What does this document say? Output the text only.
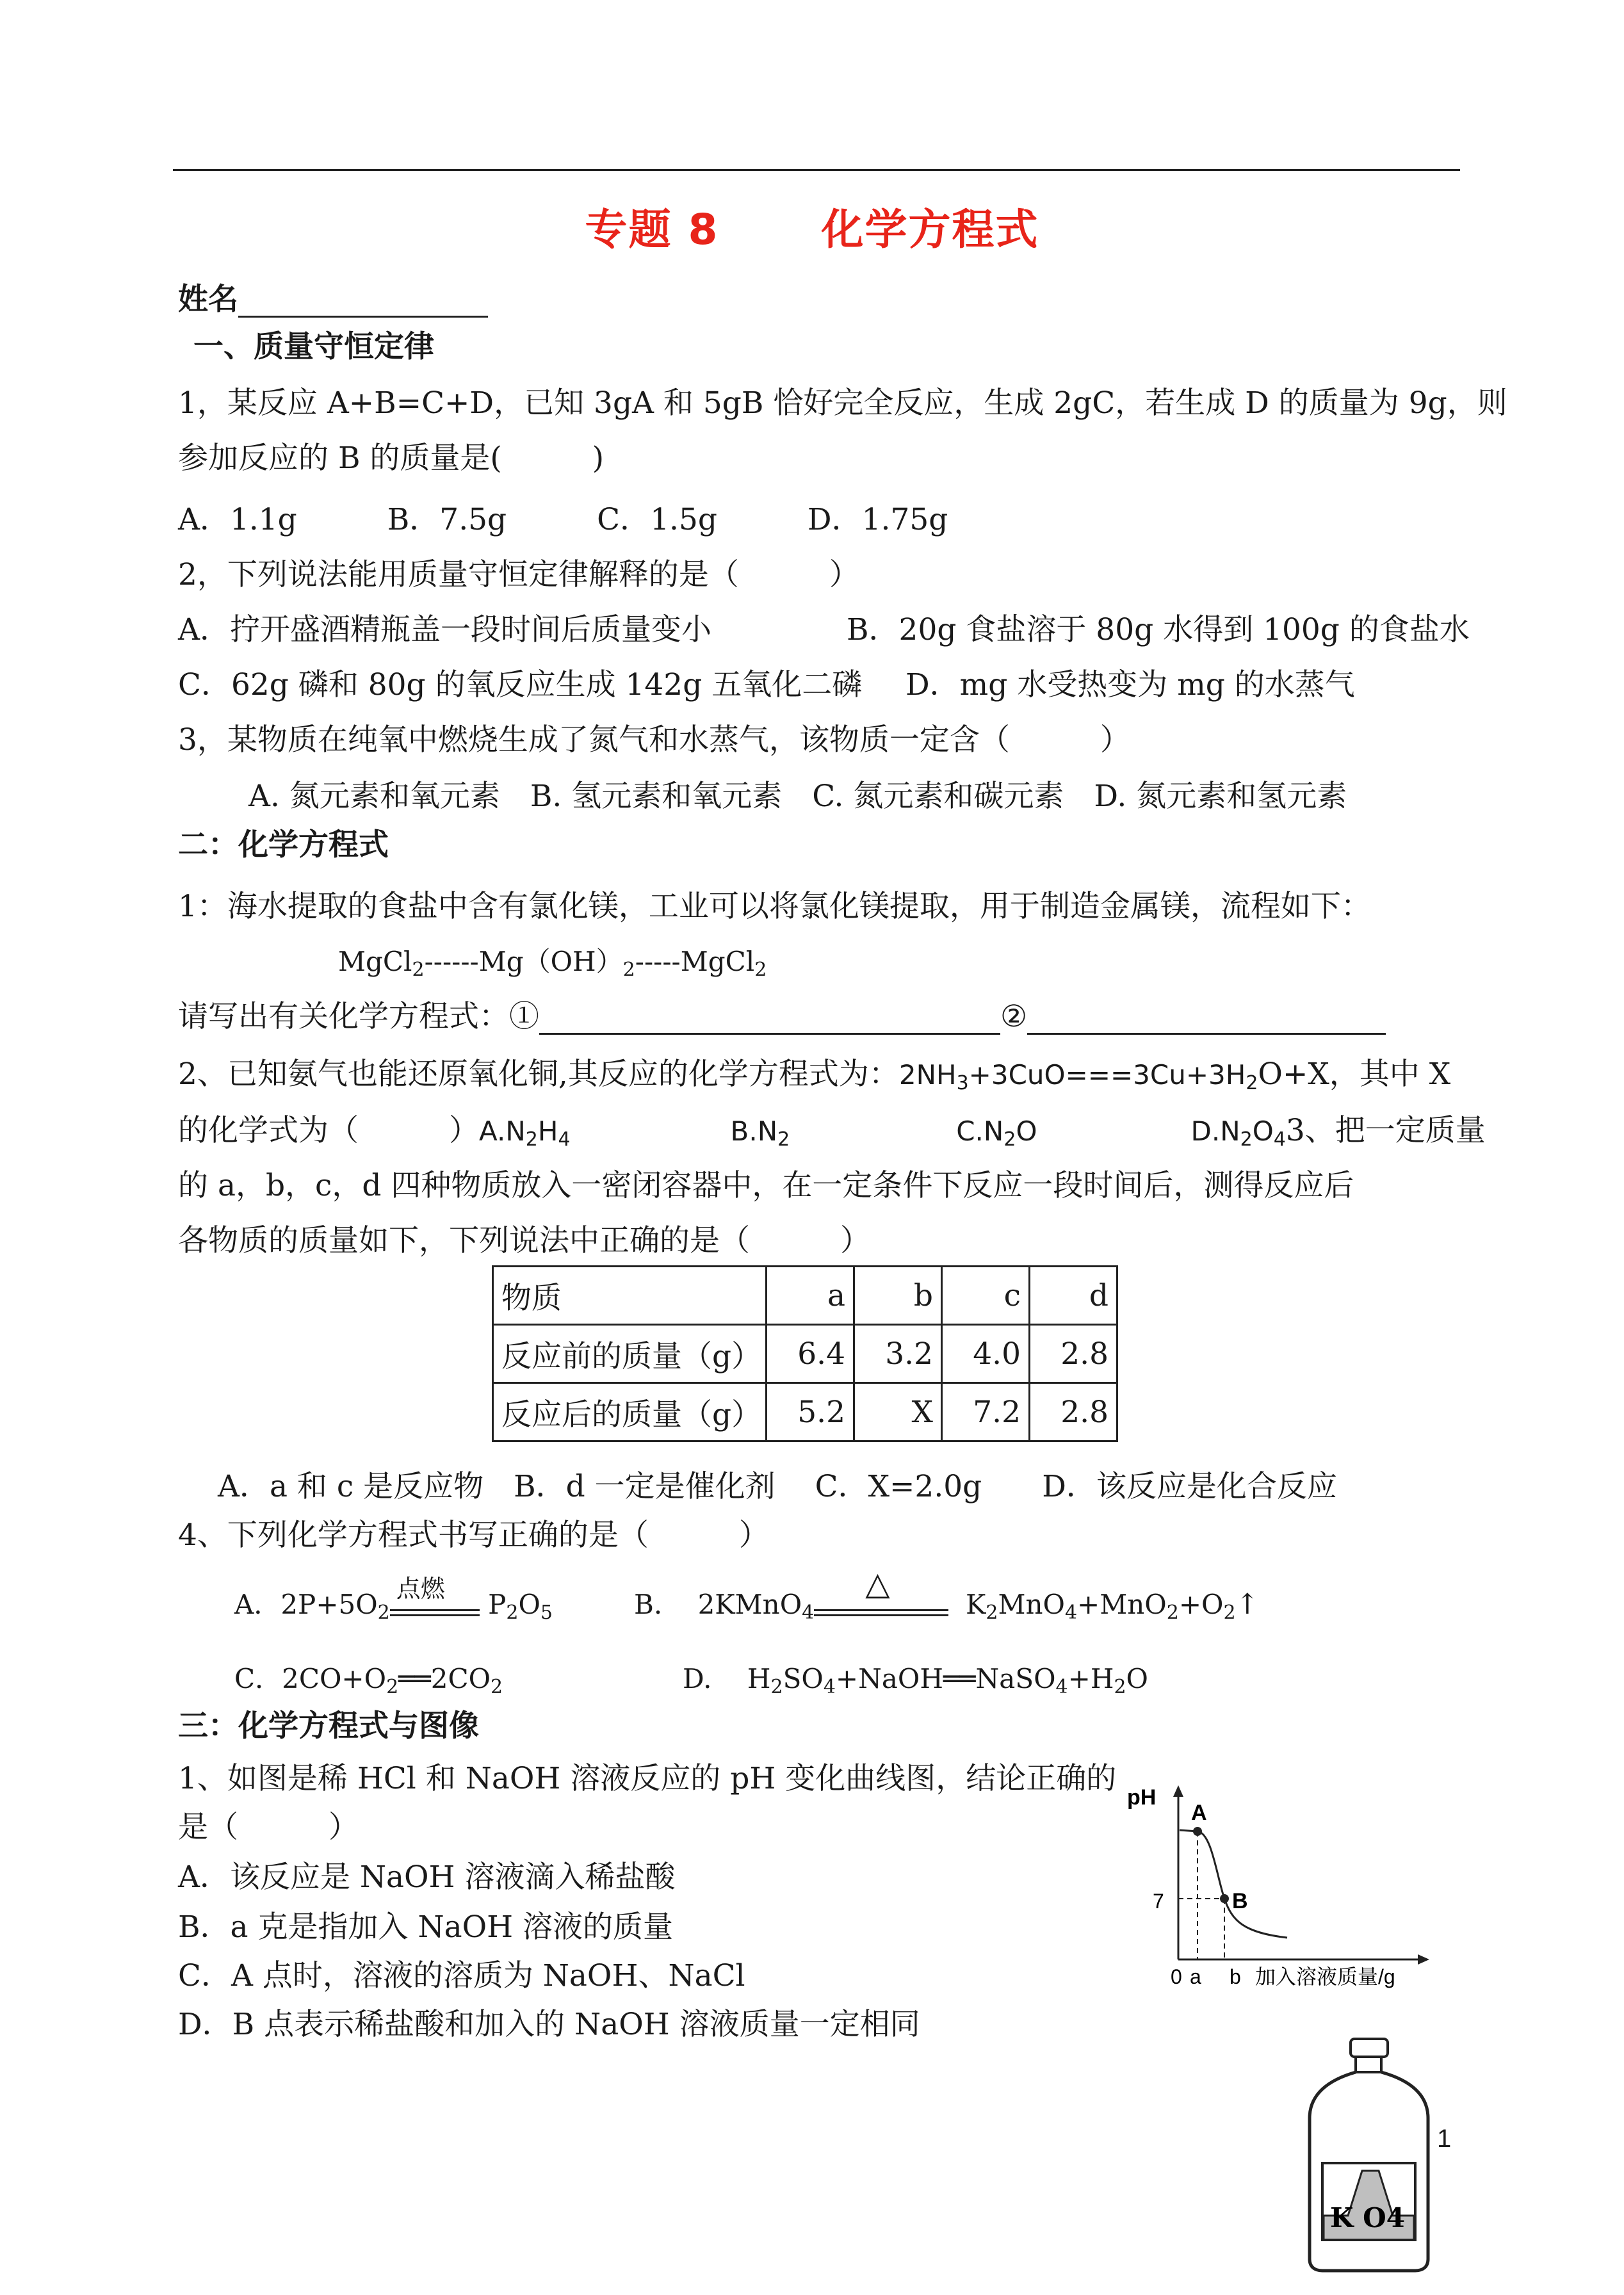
专题 8 化学方程式
姓名
一、质量守恒定律
1，某反应 A+B=C+D，已知 3gA 和 5gB 恰好完全反应，生成 2gC，若生成 D 的质量为 9g，则
参加反应的 B 的质量是(　　　)
A．1.1g　　　B．7.5g　　　C．1.5g　　　D．1.75g
2，下列说法能用质量守恒定律解释的是（　　　）
A．拧开盛酒精瓶盖一段时间后质量变小	B．20g 食盐溶于 80g 水得到 100g 的食盐水
C．62g 磷和 80g 的氧反应生成 142g 五氧化二磷 D．mg 水受热变为 mg 的水蒸气
3，某物质在纯氧中燃烧生成了氮气和水蒸气，该物质一定含（　　　）
A. 氮元素和氧元素　B. 氢元素和氧元素　C. 氮元素和碳元素　D. 氮元素和氢元素
二：化学方程式
1：海水提取的食盐中含有氯化镁，工业可以将氯化镁提取，用于制造金属镁，流程如下：
$MgCl_2------Mg(OH)_2-----MgCl_2$
请写出有关化学方程式：①	②
2、已知氨气也能还原氧化铜,其反应的化学方程式为：$2NH_3+3CuO===3Cu+3H_2O+X$，其中 X
的化学式为（　　　）$A.N_2H_4$	$B.N_2$	$C.N_2O$	$D.N_2O_43$、把一定质量
的 a，b，c，d 四种物质放入一密闭容器中，在一定条件下反应一段时间后，测得反应后
各物质的质量如下，下列说法中正确的是（　　　）
物质	a	b	c	d
反应前的质量（g）	6.4	3.2	4.0	2.8
反应后的质量（g）	5.2	X	7.2	2.8
A．a 和 c 是反应物　B．d 一定是催化剂　 C．X=2.0g　　D．该反应是化合反应
4、下列化学方程式书写正确的是（　　　）
A．$2P+5O_2$
点燃 $P_2O_5$	B.　 2KMnO$_4$
△
$K_2MnO_4+MnO_2+O_2↑$
C．$2CO+O_2══2CO_2$	D.　 $H_2SO_4+NaOH══NaSO_4+H_2O$
三：化学方程式与图像
1、如图是稀 HCl 和 NaOH 溶液反应的 pH 变化曲线图，结论正确的
是（　　　）
A．该反应是 NaOH 溶液滴入稀盐酸
B．a 克是指加入 NaOH 溶液的质量
C．A 点时，溶液的溶质为 NaOH、NaCl
D．B 点表示稀盐酸和加入的 NaOH 溶液质量一定相同
pH
7
0 a b 加入溶液质量/g
A
B
K O4
1
